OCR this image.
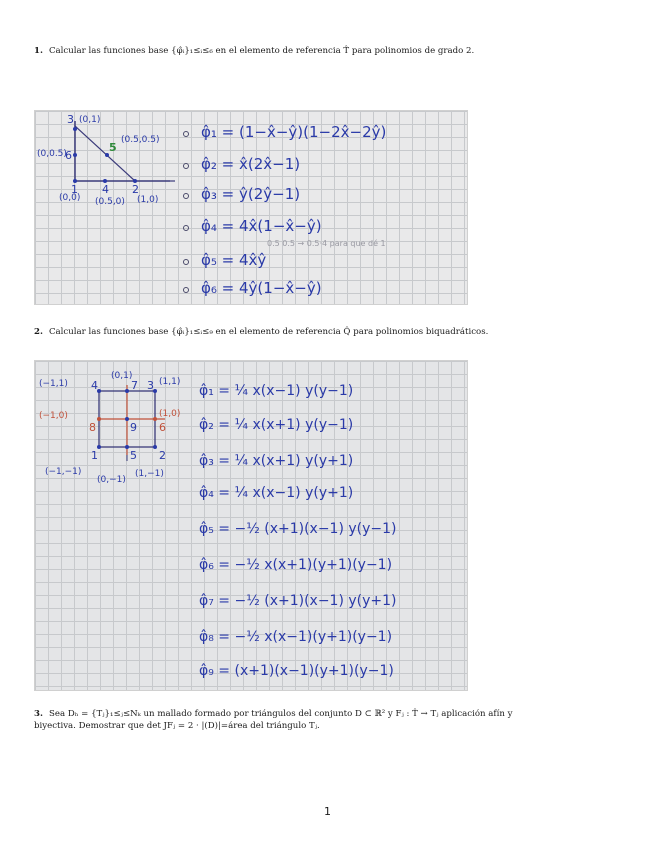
1. Calcular las funciones base {φ̂ᵢ}₁≤ᵢ≤₆ en el elemento de referencia T̂ para polinomios de grado 2.
(0,1)
(0,0.5)
(0.5,0.5)
(0,0) (0.5,0) (1,0)
3
6
5
1 4 2
φ̂₁ = (1−x̂−ŷ)(1−2x̂−2ŷ)
φ̂₂ = x̂(2x̂−1)
φ̂₃ = ŷ(2ŷ−1)
φ̂₄ = 4x̂(1−x̂−ŷ)
φ̂₅ = 4x̂ŷ
φ̂₆ = 4ŷ(1−x̂−ŷ)
0.5 0.5 → 0.5·4 para que dé 1
2. Calcular las funciones base {φ̂ᵢ}₁≤ᵢ≤₉ en el elemento de referencia Q̂ para polinomios biquadráticos.
(−1,1)
(0,1)
(1,1)
(−1,0)	(1,0)
(−1,−1)
(0,−1)
(1,−1)
4	7 3
8	9 6
1	5 2
φ̂₁ = ¼ x(x−1) y(y−1)
φ̂₂ = ¼ x(x+1) y(y−1)
φ̂₃ = ¼ x(x+1) y(y+1)
φ̂₄ = ¼ x(x−1) y(y+1)
φ̂₅ = −½ (x+1)(x−1) y(y−1)
φ̂₆ = −½ x(x+1)(y+1)(y−1)
φ̂₇ = −½ (x+1)(x−1) y(y+1)
φ̂₈ = −½ x(x−1)(y+1)(y−1)
φ̂₉ = (x+1)(x−1)(y+1)(y−1)
3. Sea Dₕ = {Tⱼ}₁≤ⱼ≤Nₖ un mallado formado por triángulos del conjunto D ⊂ ℝ² y Fⱼ : T̂ → Tⱼ aplicación afín y biyectiva. Demostrar que det JFⱼ = 2 · |(D)|=área del triángulo Tⱼ.
1
